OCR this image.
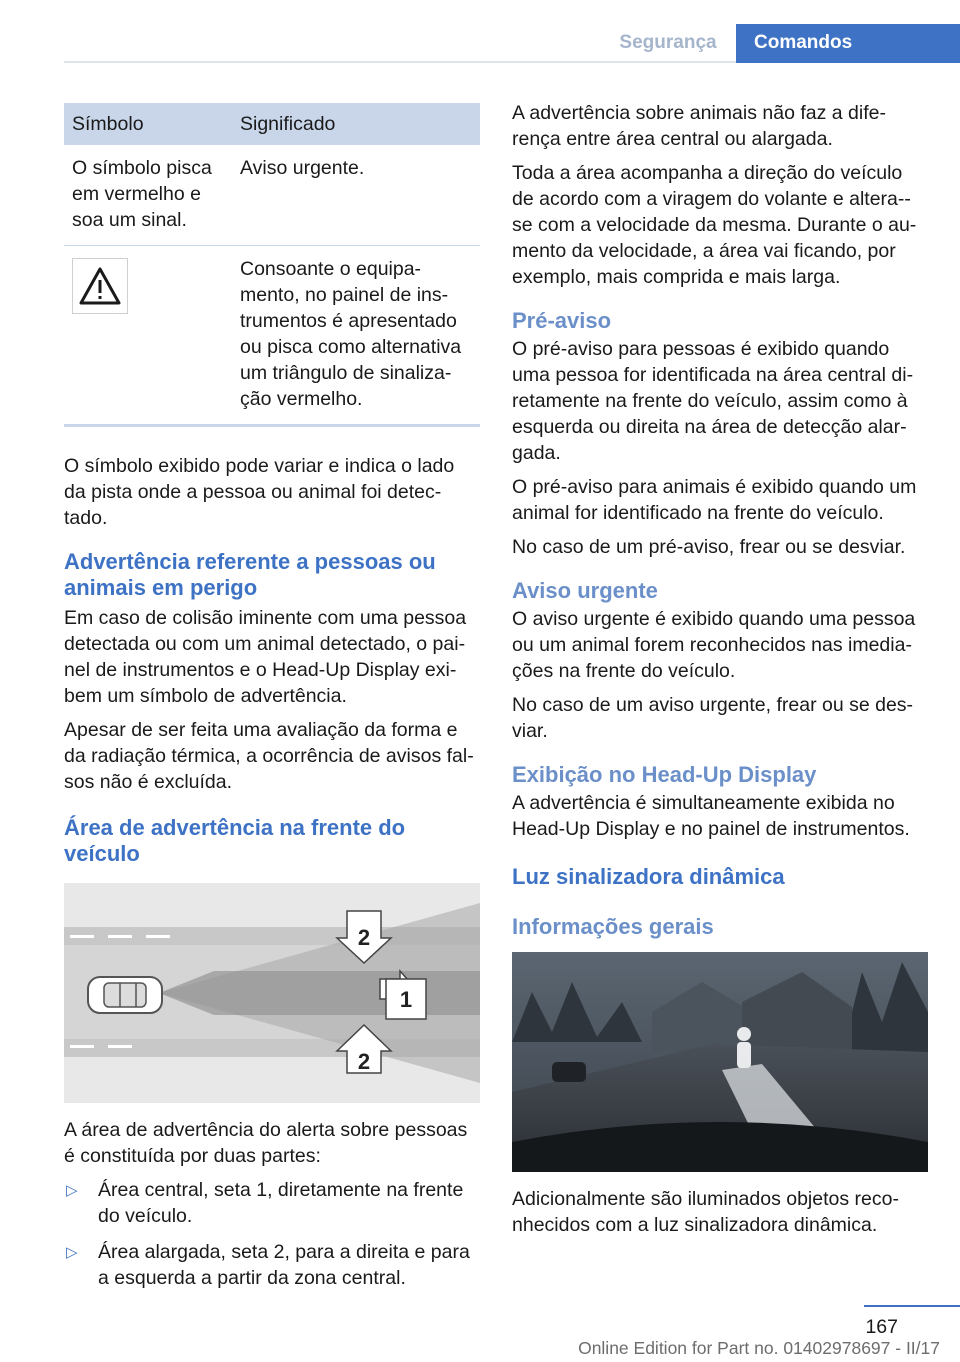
Segurança	Comandos
Símbolo	Significado
O símbolo pisca em vermelho e soa um sinal.	Aviso urgente.

	Consoante o equipa-mento, no painel de ins-trumentos é apresentado ou pisca como alternativa um triângulo de sinaliza-ção vermelho.

O símbolo exibido pode variar e indica o lado da pista onde a pessoa ou animal foi detec-tado.

Advertência referente a pessoas ou animais em perigo

Em caso de colisão iminente com uma pessoa detectada ou com um animal detectado, o pai-nel de instrumentos e o Head-Up Display exi-bem um símbolo de advertência.

Apesar de ser feita uma avaliação da forma e da radiação térmica, a ocorrência de avisos fal-sos não é excluída.

Área de advertência na frente do veículo
2
1
2

A área de advertência do alerta sobre pessoas é constituída por duas partes:

▷ Área central, seta 1, diretamente na frente do veículo.
▷ Área alargada, seta 2, para a direita e para a esquerda a partir da zona central.

A advertência sobre animais não faz a dife-rença entre área central ou alargada.

Toda a área acompanha a direção do veículo de acordo com a viragem do volante e altera--se com a velocidade da mesma. Durante o au-mento da velocidade, a área vai ficando, por exemplo, mais comprida e mais larga.

Pré-aviso

O pré-aviso para pessoas é exibido quando uma pessoa for identificada na área central di-retamente na frente do veículo, assim como à esquerda ou direita na área de detecção alar-gada.

O pré-aviso para animais é exibido quando um animal for identificado na frente do veículo.

No caso de um pré-aviso, frear ou se desviar.

Aviso urgente

O aviso urgente é exibido quando uma pessoa ou um animal forem reconhecidos nas imedia-ções na frente do veículo.

No caso de um aviso urgente, frear ou se des-viar.

Exibição no Head-Up Display

A advertência é simultaneamente exibida no Head-Up Display e no painel de instrumentos.

Luz sinalizadora dinâmica
Informações gerais

Adicionalmente são iluminados objetos reco-nhecidos com a luz sinalizadora dinâmica.

167
Online Edition for Part no. 01402978697 - II/17
